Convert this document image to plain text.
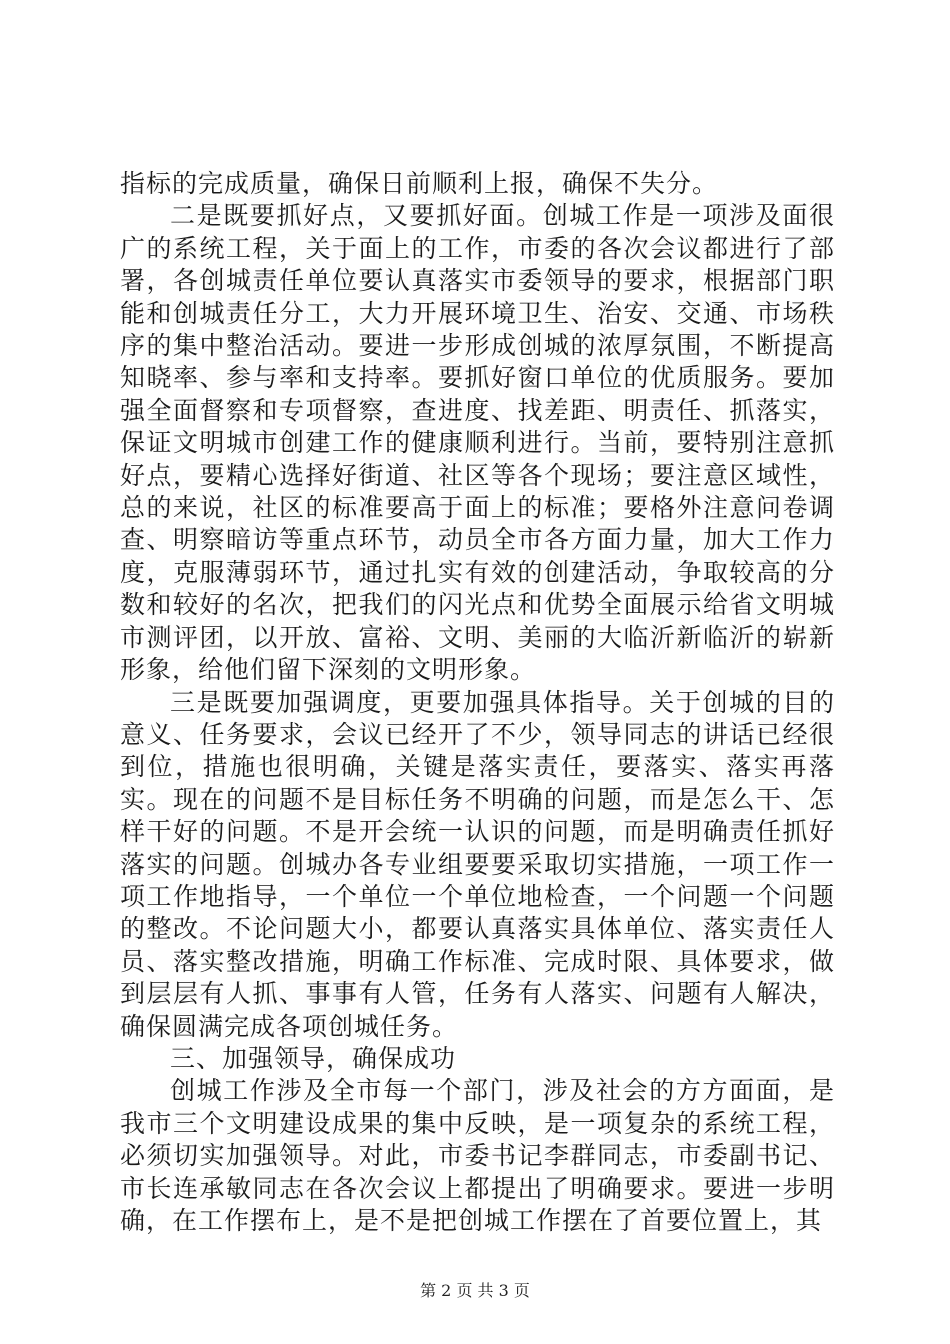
指标的完成质量，确保日前顺利上报，确保不失分。

二是既要抓好点，又要抓好面。创城工作是一项涉及面很广的系统工程，关于面上的工作，市委的各次会议都进行了部署，各创城责任单位要认真落实市委领导的要求，根据部门职能和创城责任分工，大力开展环境卫生、治安、交通、市场秩序的集中整治活动。要进一步形成创城的浓厚氛围，不断提高知晓率、参与率和支持率。要抓好窗口单位的优质服务。要加强全面督察和专项督察，查进度、找差距、明责任、抓落实，保证文明城市创建工作的健康顺利进行。当前，要特别注意抓好点，要精心选择好街道、社区等各个现场；要注意区域性，总的来说，社区的标准要高于面上的标准；要格外注意问卷调查、明察暗访等重点环节，动员全市各方面力量，加大工作力度，克服薄弱环节，通过扎实有效的创建活动，争取较高的分数和较好的名次，把我们的闪光点和优势全面展示给省文明城市测评团，以开放、富裕、文明、美丽的大临沂新临沂的崭新形象，给他们留下深刻的文明形象。

三是既要加强调度，更要加强具体指导。关于创城的目的意义、任务要求，会议已经开了不少，领导同志的讲话已经很到位，措施也很明确，关键是落实责任，要落实、落实再落实。现在的问题不是目标任务不明确的问题，而是怎么干、怎样干好的问题。不是开会统一认识的问题，而是明确责任抓好落实的问题。创城办各专业组要要采取切实措施，一项工作一项工作地指导，一个单位一个单位地检查，一个问题一个问题的整改。不论问题大小，都要认真落实具体单位、落实责任人员、落实整改措施，明确工作标准、完成时限、具体要求，做到层层有人抓、事事有人管，任务有人落实、问题有人解决，确保圆满完成各项创城任务。

三、加强领导，确保成功

创城工作涉及全市每一个部门，涉及社会的方方面面，是我市三个文明建设成果的集中反映，是一项复杂的系统工程，必须切实加强领导。对此，市委书记李群同志，市委副书记、市长连承敏同志在各次会议上都提出了明确要求。要进一步明确，在工作摆布上，是不是把创城工作摆在了首要位置上，其

第 2 页 共 3 页
